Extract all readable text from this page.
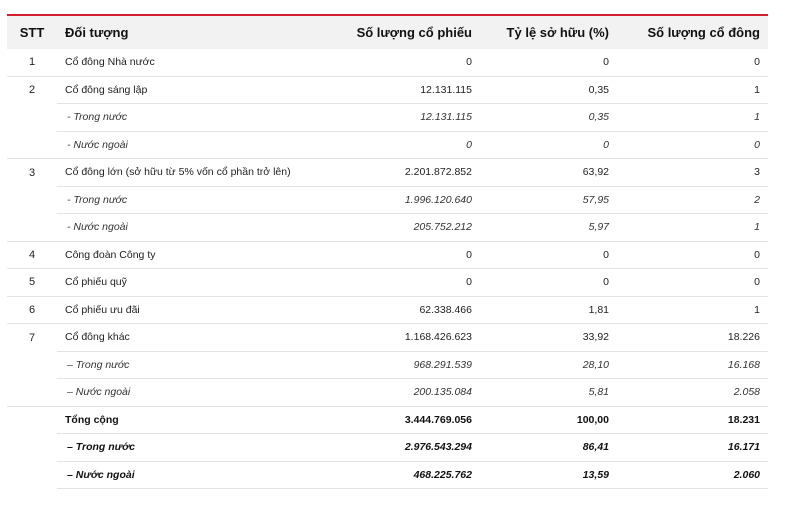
STT	Đối tượng	Số lượng cổ phiếu	Tỷ lệ sở hữu (%)	Số lượng cổ đông
1	Cổ đông Nhà nước	0	0	0
2	Cổ đông sáng lập	12.131.115	0,35	1
	- Trong nước	12.131.115	0,35	1
	- Nước ngoài	0	0	0
3	Cổ đông lớn (sở hữu từ 5% vốn cổ phần trở lên)	2.201.872.852	63,92	3
	- Trong nước	1.996.120.640	57,95	2
	- Nước ngoài	205.752.212	5,97	1
4	Công đoàn Công ty	0	0	0
5	Cổ phiếu quỹ	0	0	0
6	Cổ phiếu ưu đãi	62.338.466	1,81	1
7	Cổ đông khác	1.168.426.623	33,92	18.226
	– Trong nước	968.291.539	28,10	16.168
	– Nước ngoài	200.135.084	5,81	2.058
	Tổng cộng	3.444.769.056	100,00	18.231
	– Trong nước	2.976.543.294	86,41	16.171
	– Nước ngoài	468.225.762	13,59	2.060
